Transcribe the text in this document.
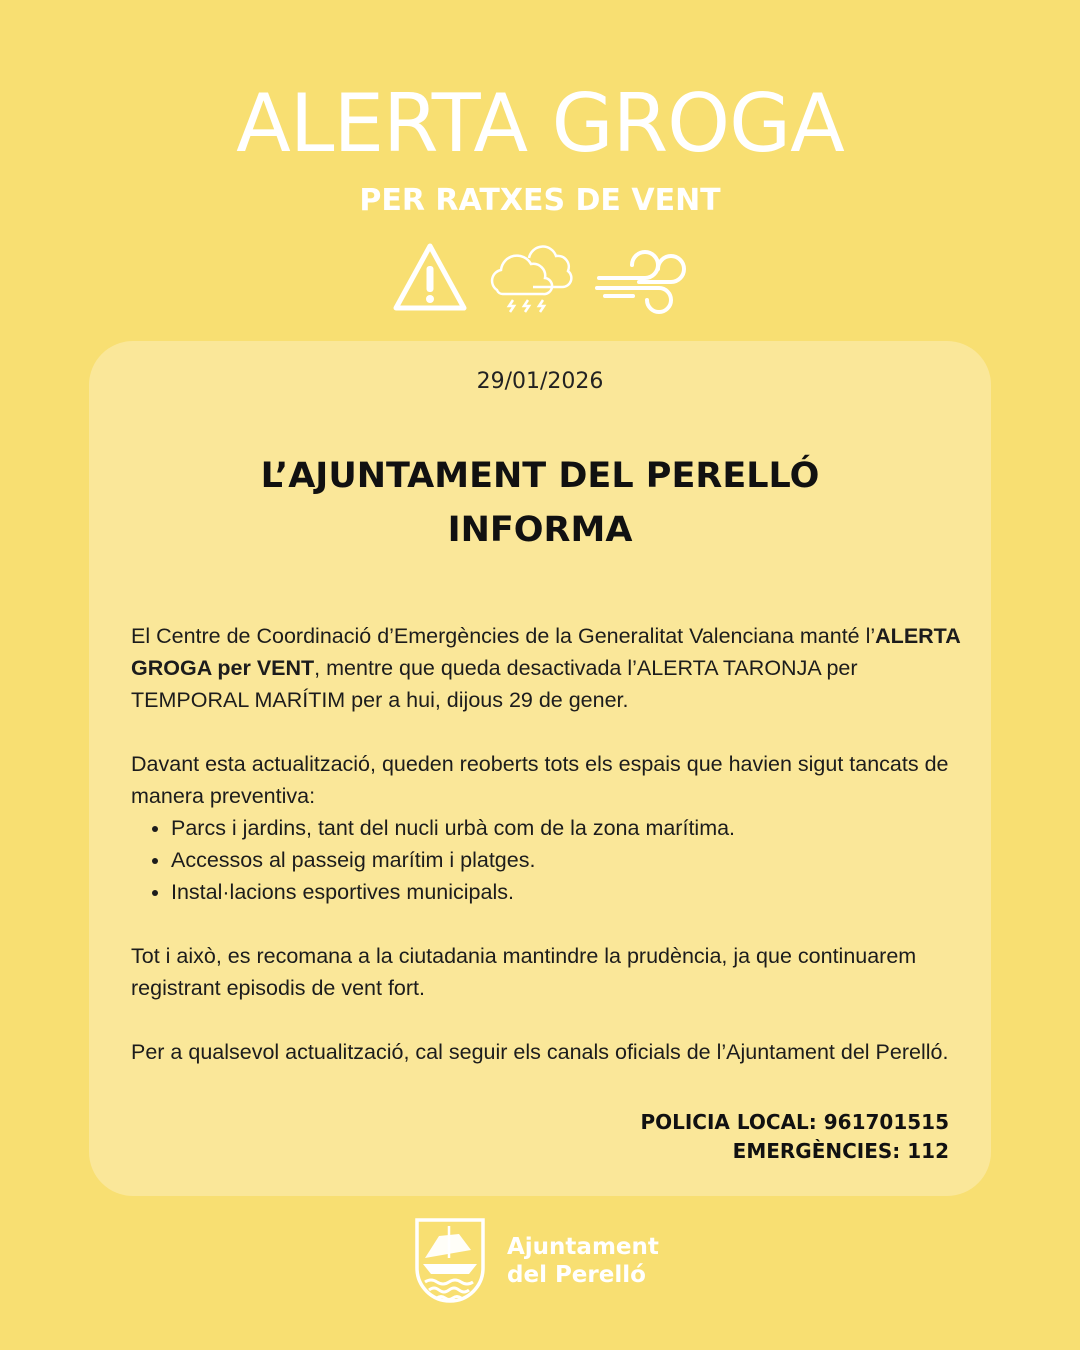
ALERTA GROGA
PER RATXES DE VENT
29/01/2026
L’AJUNTAMENT DEL PERELLÓ
INFORMA

El Centre de Coordinació d’Emergències de la Generalitat Valenciana manté l’ALERTA GROGA per VENT, mentre que queda desactivada l’ALERTA TARONJA per TEMPORAL MARÍTIM per a hui, dijous 29 de gener.

Davant esta actualització, queden reoberts tots els espais que havien sigut tancats de manera preventiva:

• Parcs i jardins, tant del nucli urbà com de la zona marítima.
• Accessos al passeig marítim i platges.
• Instal·lacions esportives municipals.

Tot i això, es recomana a la ciutadania mantindre la prudència, ja que continuarem registrant episodis de vent fort.

Per a qualsevol actualització, cal seguir els canals oficials de l’Ajuntament del Perelló.

POLICIA LOCAL: 961701515
EMERGÈNCIES: 112
Ajuntament
del Perelló
